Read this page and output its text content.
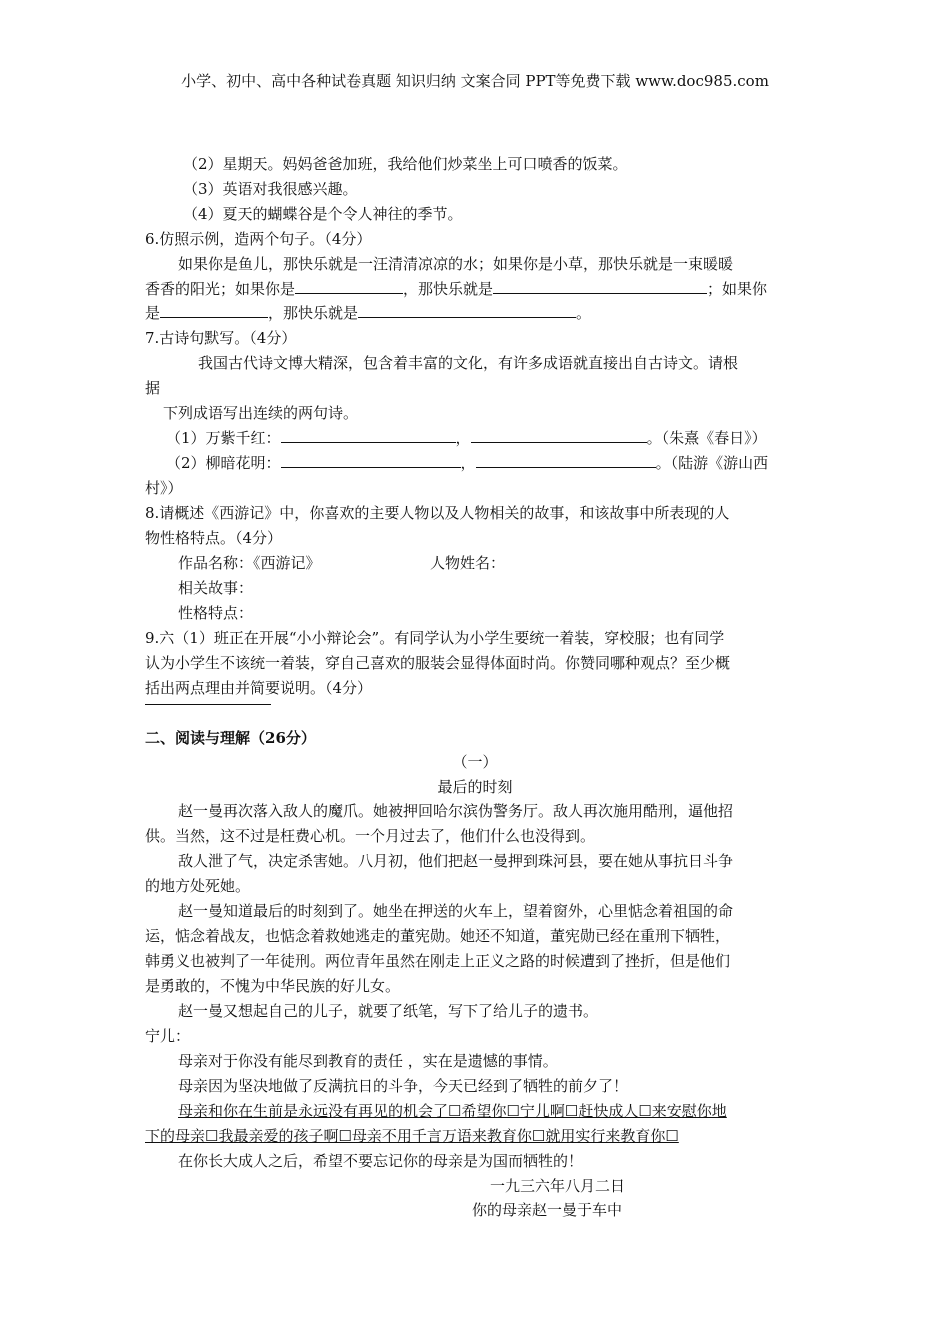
小学、初中、高中各种试卷真题 知识归纳 文案合同 PPT等免费下载 www.doc985.com
（2）星期天。妈妈爸爸加班，我给他们炒菜坐上可口喷香的饭菜。
（3）英语对我很感兴趣。
（4）夏天的蝴蝶谷是个令人神往的季节。
6.仿照示例，造两个句子。（4分）
如果你是鱼儿，那快乐就是一汪清清凉凉的水；如果你是小草，那快乐就是一束暖暖
香香的阳光；如果你是	，那快乐就是	；如果你
是	，那快乐就是	。
7.古诗句默写。（4分）
我国古代诗文博大精深，包含着丰富的文化，有许多成语就直接出自古诗文。请根
据
下列成语写出连续的两句诗。
（1）万紫千红：	，	。（朱熹《春日》）
（2）柳暗花明：	，	。（陆游《游山西
村》）
8.请概述《西游记》中，你喜欢的主要人物以及人物相关的故事，和该故事中所表现的人
物性格特点。（4分）
作品名称：《西游记》	人物姓名：
相关故事：
性格特点：
9.六（1）班正在开展“小小辩论会”。有同学认为小学生要统一着装，穿校服；也有同学
认为小学生不该统一着装，穿自己喜欢的服装会显得体面时尚。你赞同哪种观点？至少概
括出两点理由并简要说明。（4分）
二、阅读与理解（26分）
（一）
最后的时刻
赵一曼再次落入敌人的魔爪。她被押回哈尔滨伪警务厅。敌人再次施用酷刑，逼他招
供。当然，这不过是枉费心机。一个月过去了，他们什么也没得到。
敌人泄了气，决定杀害她。八月初，他们把赵一曼押到珠河县，要在她从事抗日斗争
的地方处死她。
赵一曼知道最后的时刻到了。她坐在押送的火车上，望着窗外，心里惦念着祖国的命
运，惦念着战友，也惦念着救她逃走的董宪勋。她还不知道，董宪勋已经在重刑下牺牲，
韩勇义也被判了一年徒刑。两位青年虽然在刚走上正义之路的时候遭到了挫折，但是他们
是勇敢的，不愧为中华民族的好儿女。
赵一曼又想起自己的儿子，就要了纸笔，写下了给儿子的遗书。
宁儿：
母亲对于你没有能尽到教育的责任 ，实在是遗憾的事情。
母亲因为坚决地做了反满抗日的斗争，今天已经到了牺牲的前夕了！
母亲和你在生前是永远没有再见的机会了☐希望你☐宁儿啊☐赶快成人☐来安慰你地
下的母亲☐我最亲爱的孩子啊☐母亲不用千言万语来教育你☐就用实行来教育你☐
在你长大成人之后，希望不要忘记你的母亲是为国而牺牲的！
一九三六年八月二日
你的母亲赵一曼于车中
